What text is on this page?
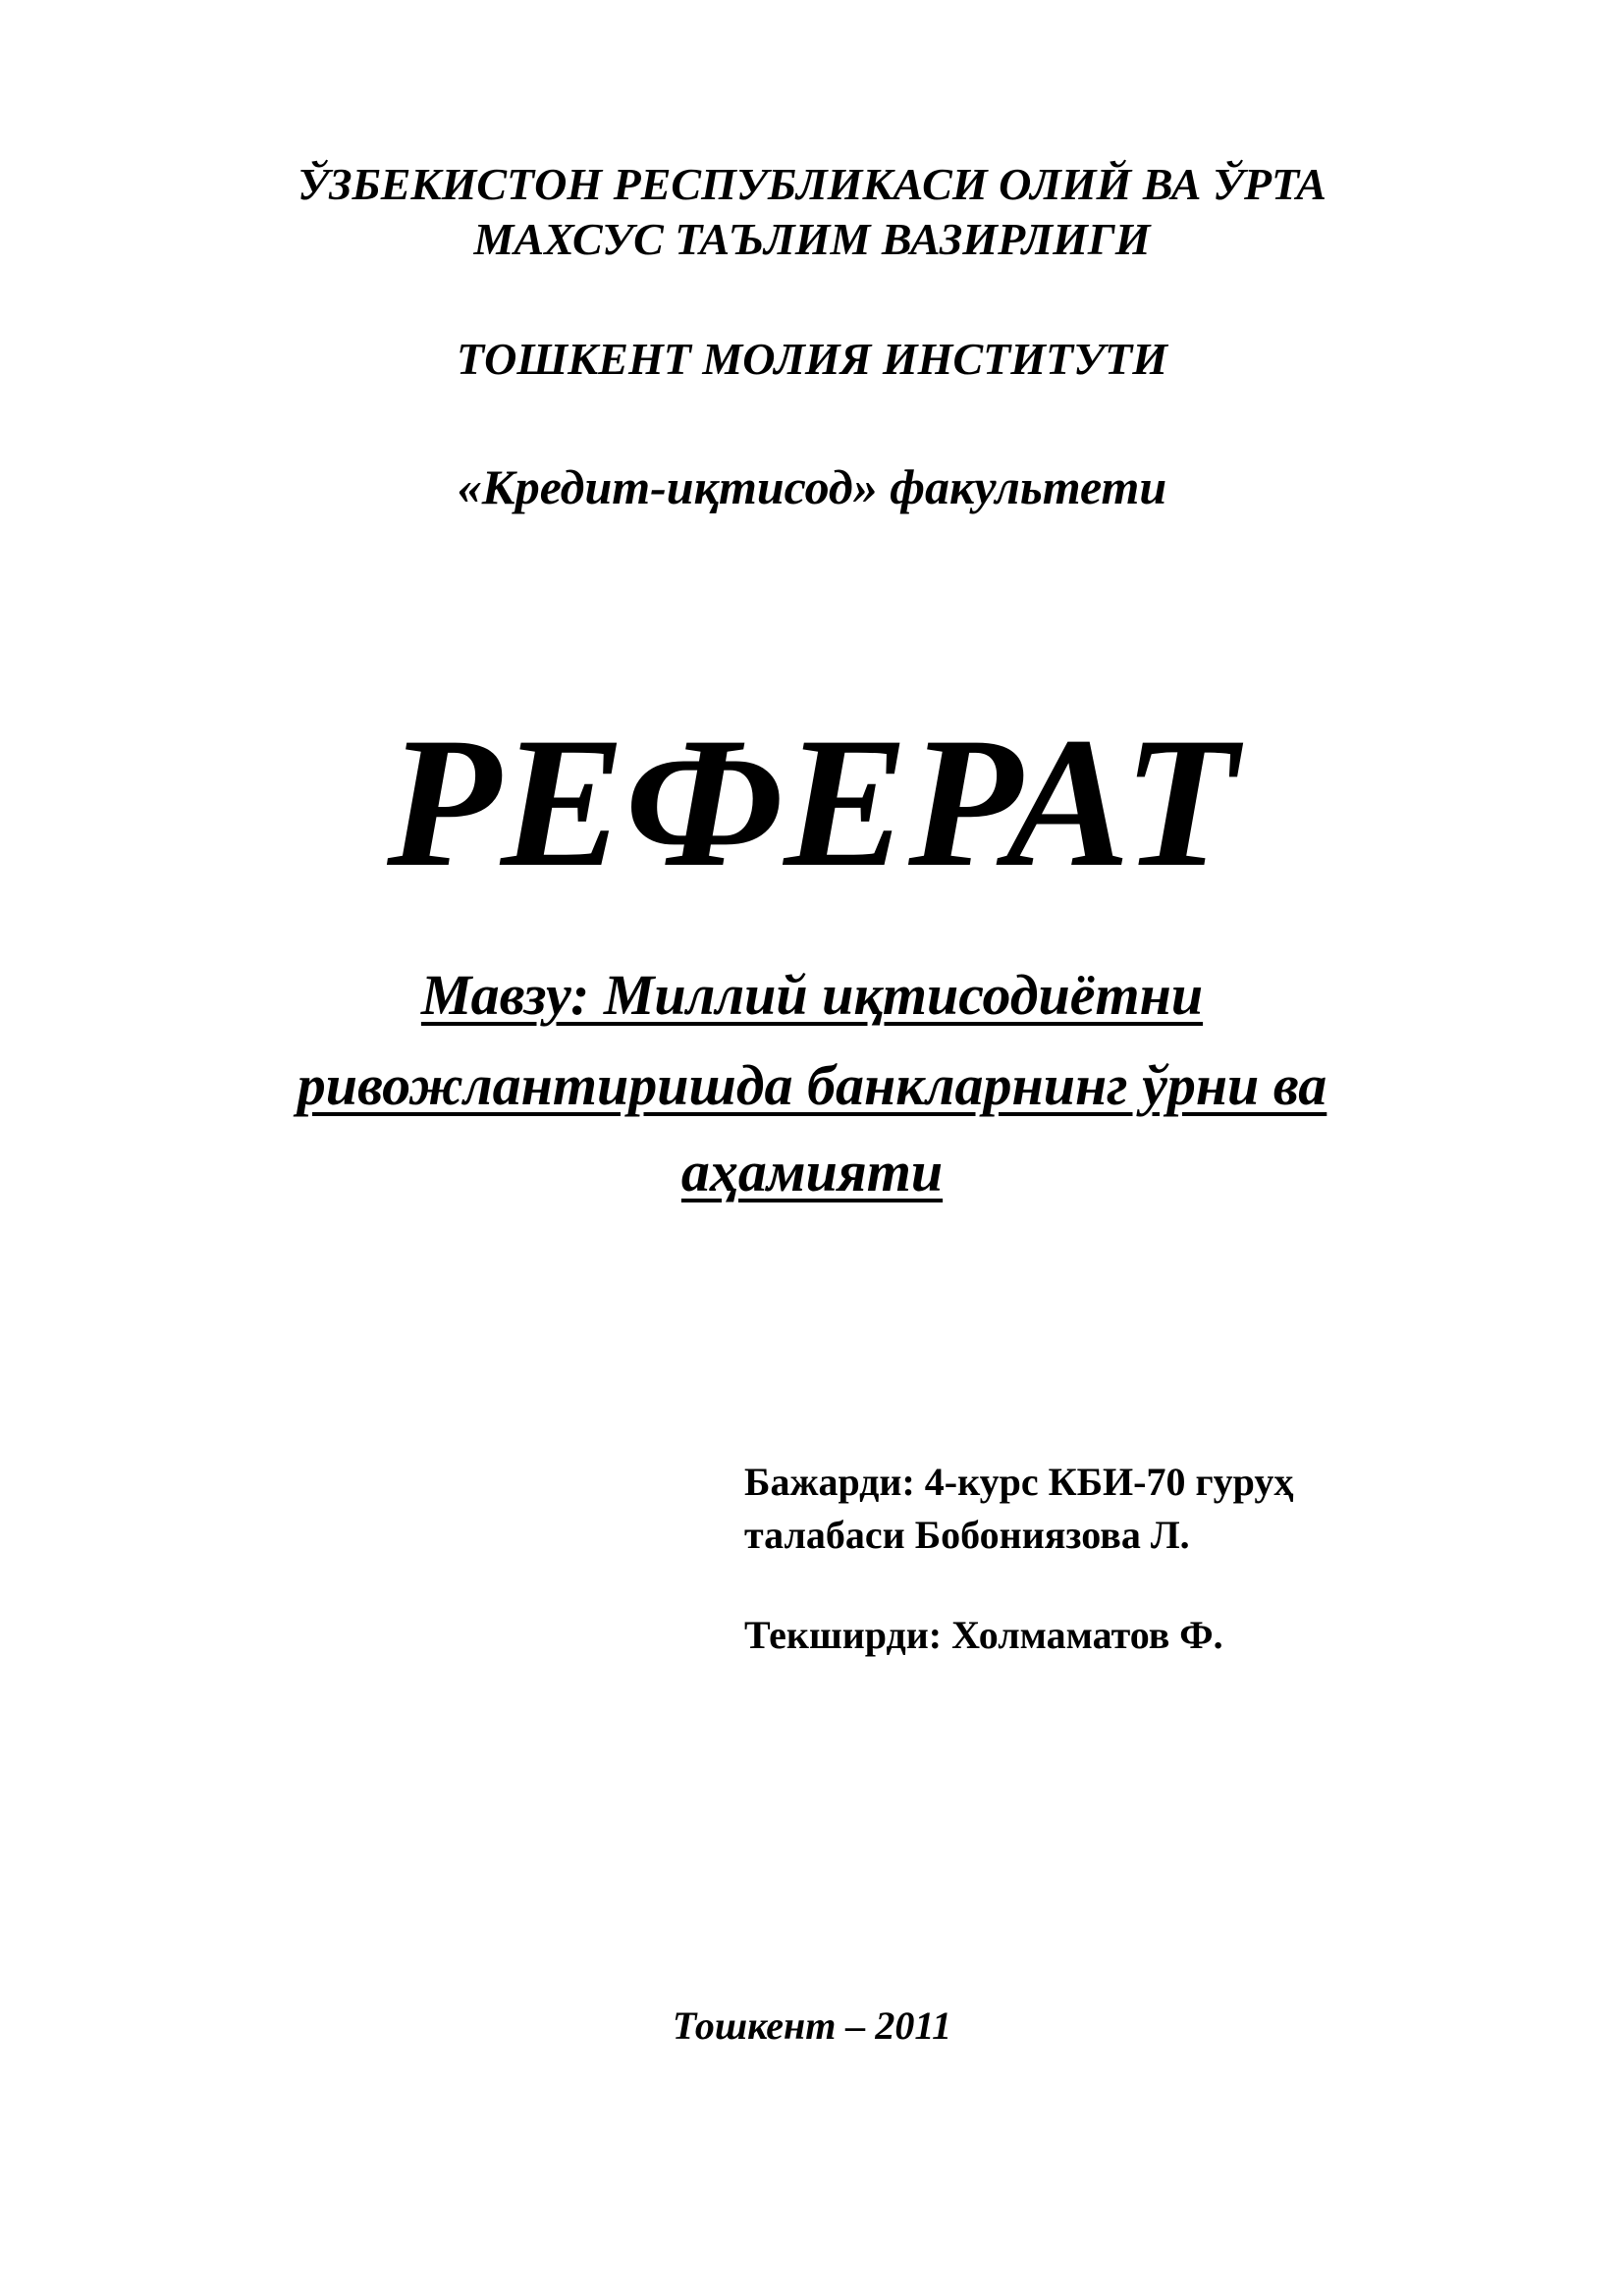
ЎЗБЕКИСТОН РЕСПУБЛИКАСИ ОЛИЙ ВА ЎРТА
МАХСУС ТАЪЛИМ ВАЗИРЛИГИ
ТОШКЕНТ МОЛИЯ ИНСТИТУТИ
«Кредит-иқтисод» факультети
РЕФЕРАТ
Мавзу: Миллий иқтисодиётни
ривожлантиришда банкларнинг ўрни ва
аҳамияти
Бажарди: 4-курс КБИ-70 гуруҳ
талабаси Бобониязова Л.
Текширди: Холмаматов Ф.
Тошкент – 2011
